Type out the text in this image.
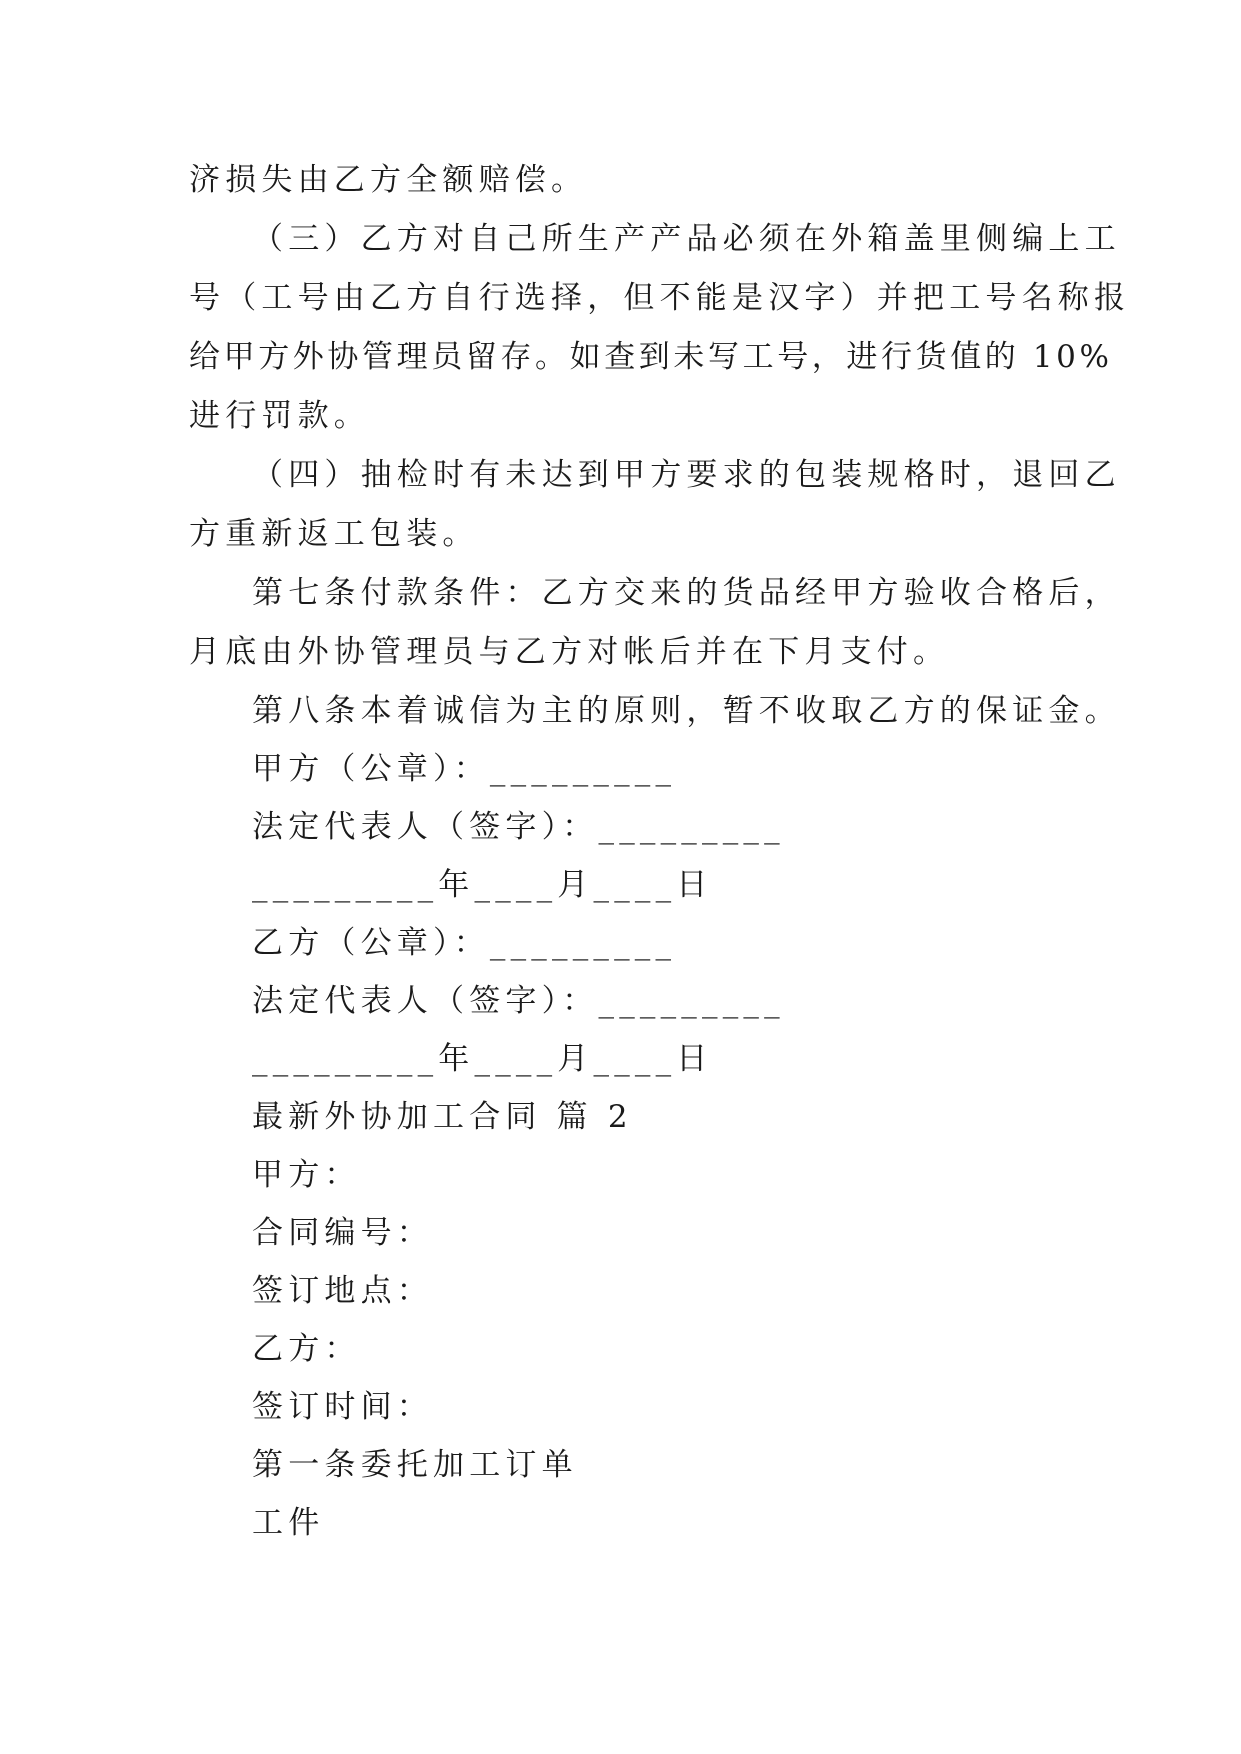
济损失由乙方全额赔偿。
（三）乙方对自己所生产产品必须在外箱盖里侧编上工
号（工号由乙方自行选择，但不能是汉字）并把工号名称报
给甲方外协管理员留存。如查到未写工号，进行货值的 10%
进行罚款。
（四）抽检时有未达到甲方要求的包装规格时，退回乙
方重新返工包装。
第七条付款条件：乙方交来的货品经甲方验收合格后，
月底由外协管理员与乙方对帐后并在下月支付。
第八条本着诚信为主的原则，暂不收取乙方的保证金。
甲方（公章）：_________
法定代表人（签字）：_________
_________年____月____日
乙方（公章）：_________
法定代表人（签字）：_________
_________年____月____日
最新外协加工合同 篇 2
甲方：
合同编号：
签订地点：
乙方：
签订时间：
第一条委托加工订单
工件
